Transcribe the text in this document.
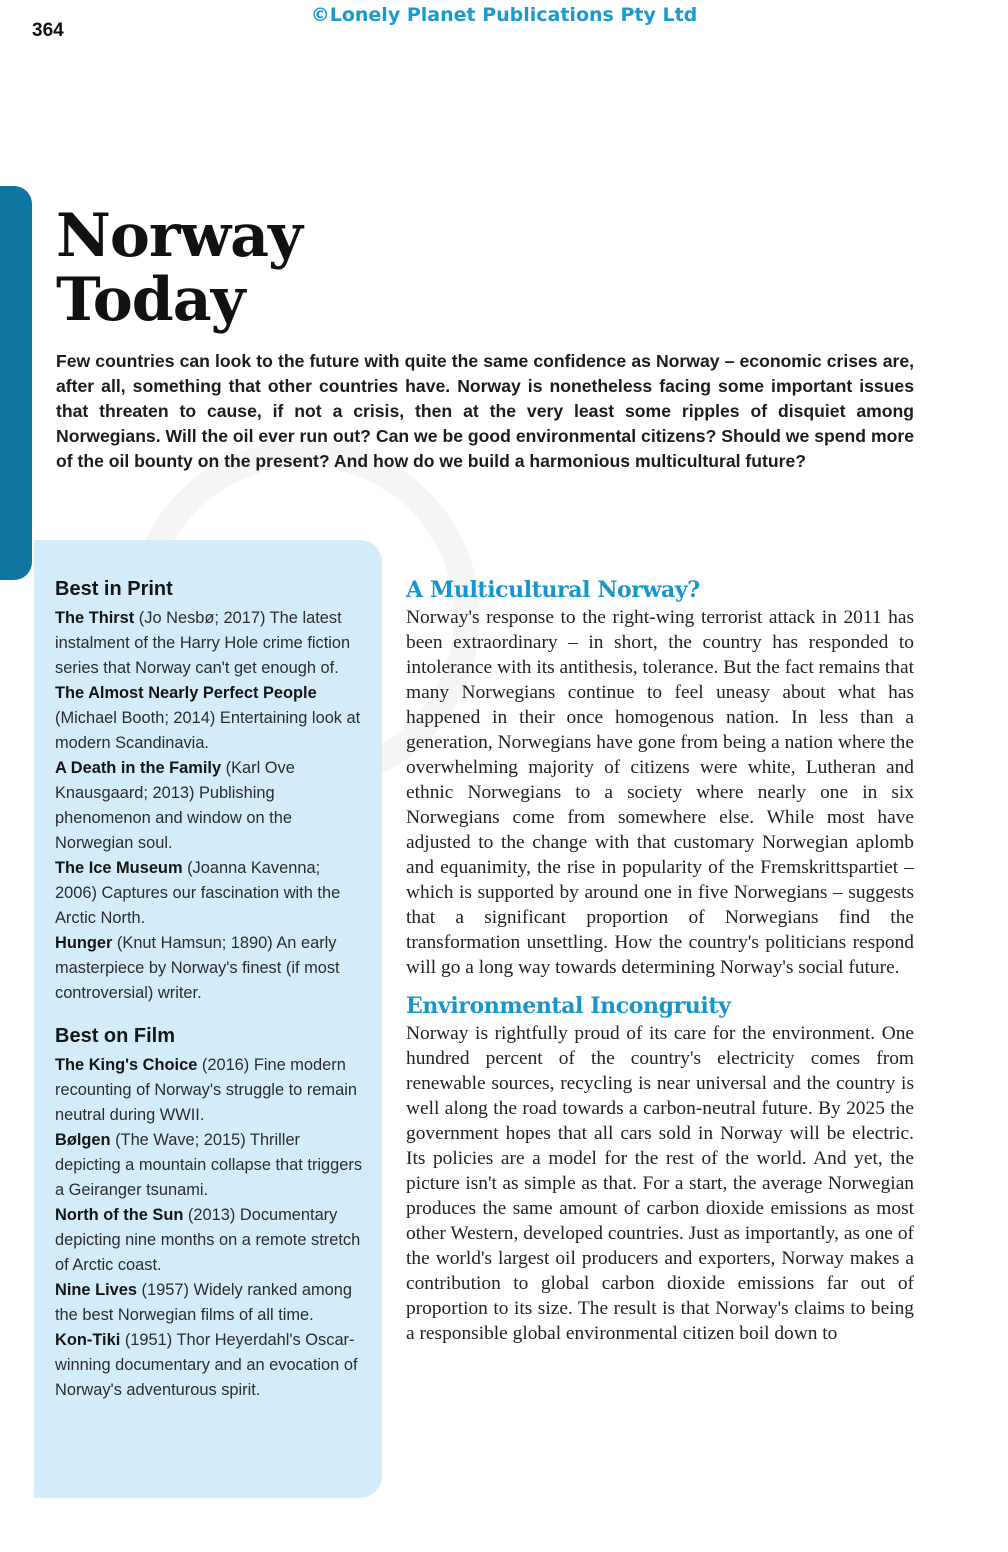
364
©Lonely Planet Publications Pty Ltd
Norway
Today

Few countries can look to the future with quite the same confidence as Norway – economic crises are, after all, something that other countries have. Norway is nonetheless facing some important issues that threaten to cause, if not a crisis, then at the very least some ripples of disquiet among Norwegians. Will the oil ever run out? Can we be good environmental citizens? Should we spend more of the oil bounty on the present? And how do we build a harmonious multicultural future?

Best in Print

The Thirst (Jo Nesbø; 2017) The latest instalment of the Harry Hole crime fiction series that Norway can't get enough of.

The Almost Nearly Perfect People (Michael Booth; 2014) Entertaining look at modern Scandinavia.

A Death in the Family (Karl Ove Knausgaard; 2013) Publishing phenomenon and window on the Norwegian soul.

The Ice Museum (Joanna Kavenna; 2006) Captures our fascination with the Arctic North.

Hunger (Knut Hamsun; 1890) An early masterpiece by Norway's finest (if most controversial) writer.

Best on Film

The King's Choice (2016) Fine modern recounting of Norway's struggle to remain neutral during WWII.

Bølgen (The Wave; 2015) Thriller depicting a mountain collapse that triggers a Geiranger tsunami.

North of the Sun (2013) Documentary depicting nine months on a remote stretch of Arctic coast.

Nine Lives (1957) Widely ranked among the best Norwegian films of all time.

Kon-Tiki (1951) Thor Heyerdahl's Oscar-winning documentary and an evocation of Norway's adventurous spirit.

A Multicultural Norway?

Norway's response to the right-wing terrorist attack in 2011 has been extraordinary – in short, the country has responded to intolerance with its antithesis, tolerance. But the fact remains that many Norwegians continue to feel uneasy about what has happened in their once homogenous nation. In less than a generation, Norwegians have gone from being a nation where the overwhelming majority of citizens were white, Lutheran and ethnic Norwegians to a society where nearly one in six Norwegians come from somewhere else. While most have adjusted to the change with that customary Norwegian aplomb and equanimity, the rise in popularity of the Fremskrittspartiet – which is supported by around one in five Norwegians – suggests that a significant proportion of Norwegians find the transformation unsettling. How the country's politicians respond will go a long way towards determining Norway's social future.

Environmental Incongruity

Norway is rightfully proud of its care for the environment. One hundred percent of the country's electricity comes from renewable sources, recycling is near universal and the country is well along the road towards a carbon-neutral future. By 2025 the government hopes that all cars sold in Norway will be electric. Its policies are a model for the rest of the world. And yet, the picture isn't as simple as that. For a start, the average Norwegian produces the same amount of carbon dioxide emissions as most other Western, developed countries. Just as importantly, as one of the world's largest oil producers and exporters, Norway makes a contribution to global carbon dioxide emissions far out of proportion to its size. The result is that Norway's claims to being a responsible global environmental citizen boil down to
